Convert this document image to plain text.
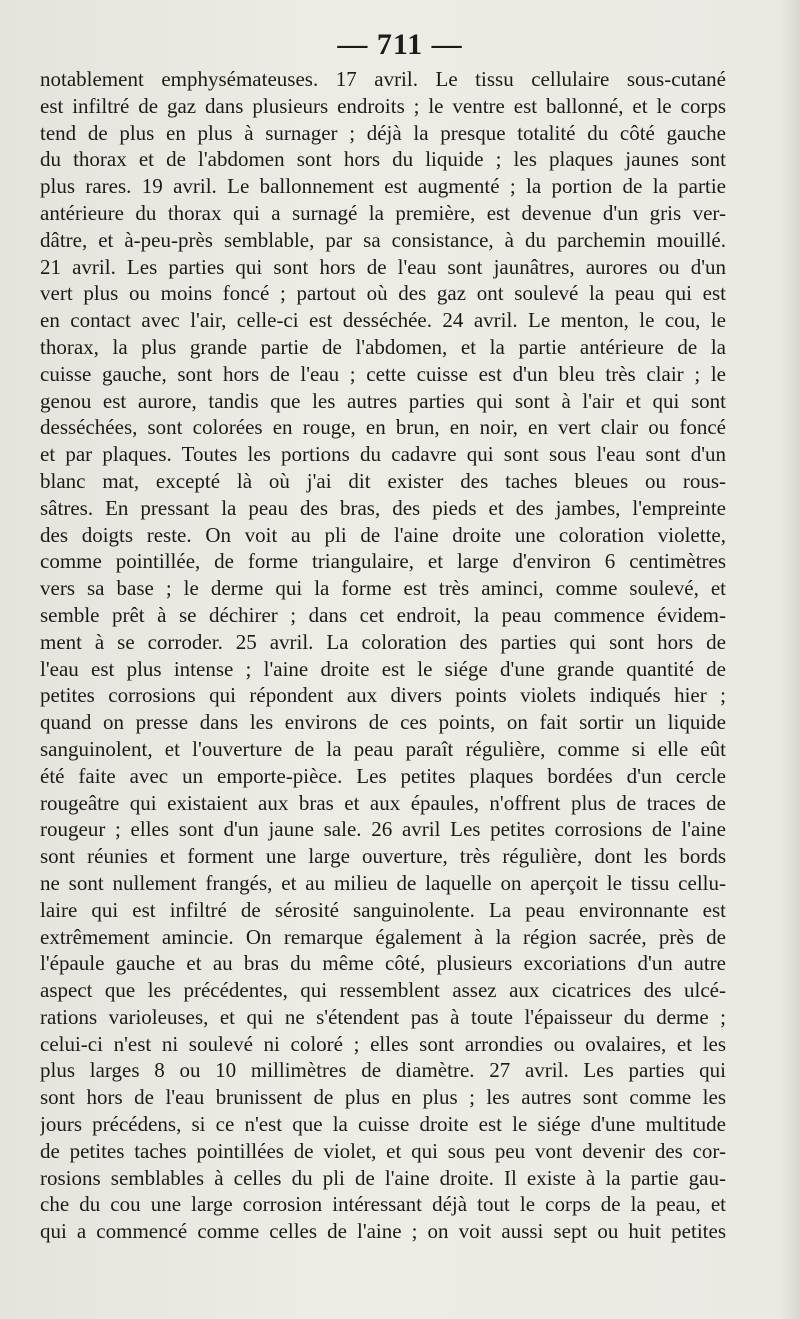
— 711 —
notablement emphysémateuses. 17 avril. Le tissu cellulaire sous-cutané
est infiltré de gaz dans plusieurs endroits ; le ventre est ballonné, et le corps
tend de plus en plus à surnager ; déjà la presque totalité du côté gauche
du thorax et de l'abdomen sont hors du liquide ; les plaques jaunes sont
plus rares. 19 avril. Le ballonnement est augmenté ; la portion de la partie
antérieure du thorax qui a surnagé la première, est devenue d'un gris ver-
dâtre, et à-peu-près semblable, par sa consistance, à du parchemin mouillé.
21 avril. Les parties qui sont hors de l'eau sont jaunâtres, aurores ou d'un
vert plus ou moins foncé ; partout où des gaz ont soulevé la peau qui est
en contact avec l'air, celle-ci est desséchée. 24 avril. Le menton, le cou, le
thorax, la plus grande partie de l'abdomen, et la partie antérieure de la
cuisse gauche, sont hors de l'eau ; cette cuisse est d'un bleu très clair ; le
genou est aurore, tandis que les autres parties qui sont à l'air et qui sont
desséchées, sont colorées en rouge, en brun, en noir, en vert clair ou foncé
et par plaques. Toutes les portions du cadavre qui sont sous l'eau sont d'un
blanc mat, excepté là où j'ai dit exister des taches bleues ou rous-
sâtres. En pressant la peau des bras, des pieds et des jambes, l'empreinte
des doigts reste. On voit au pli de l'aine droite une coloration violette,
comme pointillée, de forme triangulaire, et large d'environ 6 centimètres
vers sa base ; le derme qui la forme est très aminci, comme soulevé, et
semble prêt à se déchirer ; dans cet endroit, la peau commence évidem-
ment à se corroder. 25 avril. La coloration des parties qui sont hors de
l'eau est plus intense ; l'aine droite est le siége d'une grande quantité de
petites corrosions qui répondent aux divers points violets indiqués hier ;
quand on presse dans les environs de ces points, on fait sortir un liquide
sanguinolent, et l'ouverture de la peau paraît régulière, comme si elle eût
été faite avec un emporte-pièce. Les petites plaques bordées d'un cercle
rougeâtre qui existaient aux bras et aux épaules, n'offrent plus de traces de
rougeur ; elles sont d'un jaune sale. 26 avril Les petites corrosions de l'aine
sont réunies et forment une large ouverture, très régulière, dont les bords
ne sont nullement frangés, et au milieu de laquelle on aperçoit le tissu cellu-
laire qui est infiltré de sérosité sanguinolente. La peau environnante est
extrêmement amincie. On remarque également à la région sacrée, près de
l'épaule gauche et au bras du même côté, plusieurs excoriations d'un autre
aspect que les précédentes, qui ressemblent assez aux cicatrices des ulcé-
rations varioleuses, et qui ne s'étendent pas à toute l'épaisseur du derme ;
celui-ci n'est ni soulevé ni coloré ; elles sont arrondies ou ovalaires, et les
plus larges 8 ou 10 millimètres de diamètre. 27 avril. Les parties qui
sont hors de l'eau brunissent de plus en plus ; les autres sont comme les
jours précédens, si ce n'est que la cuisse droite est le siége d'une multitude
de petites taches pointillées de violet, et qui sous peu vont devenir des cor-
rosions semblables à celles du pli de l'aine droite. Il existe à la partie gau-
che du cou une large corrosion intéressant déjà tout le corps de la peau, et
qui a commencé comme celles de l'aine ; on voit aussi sept ou huit petites
